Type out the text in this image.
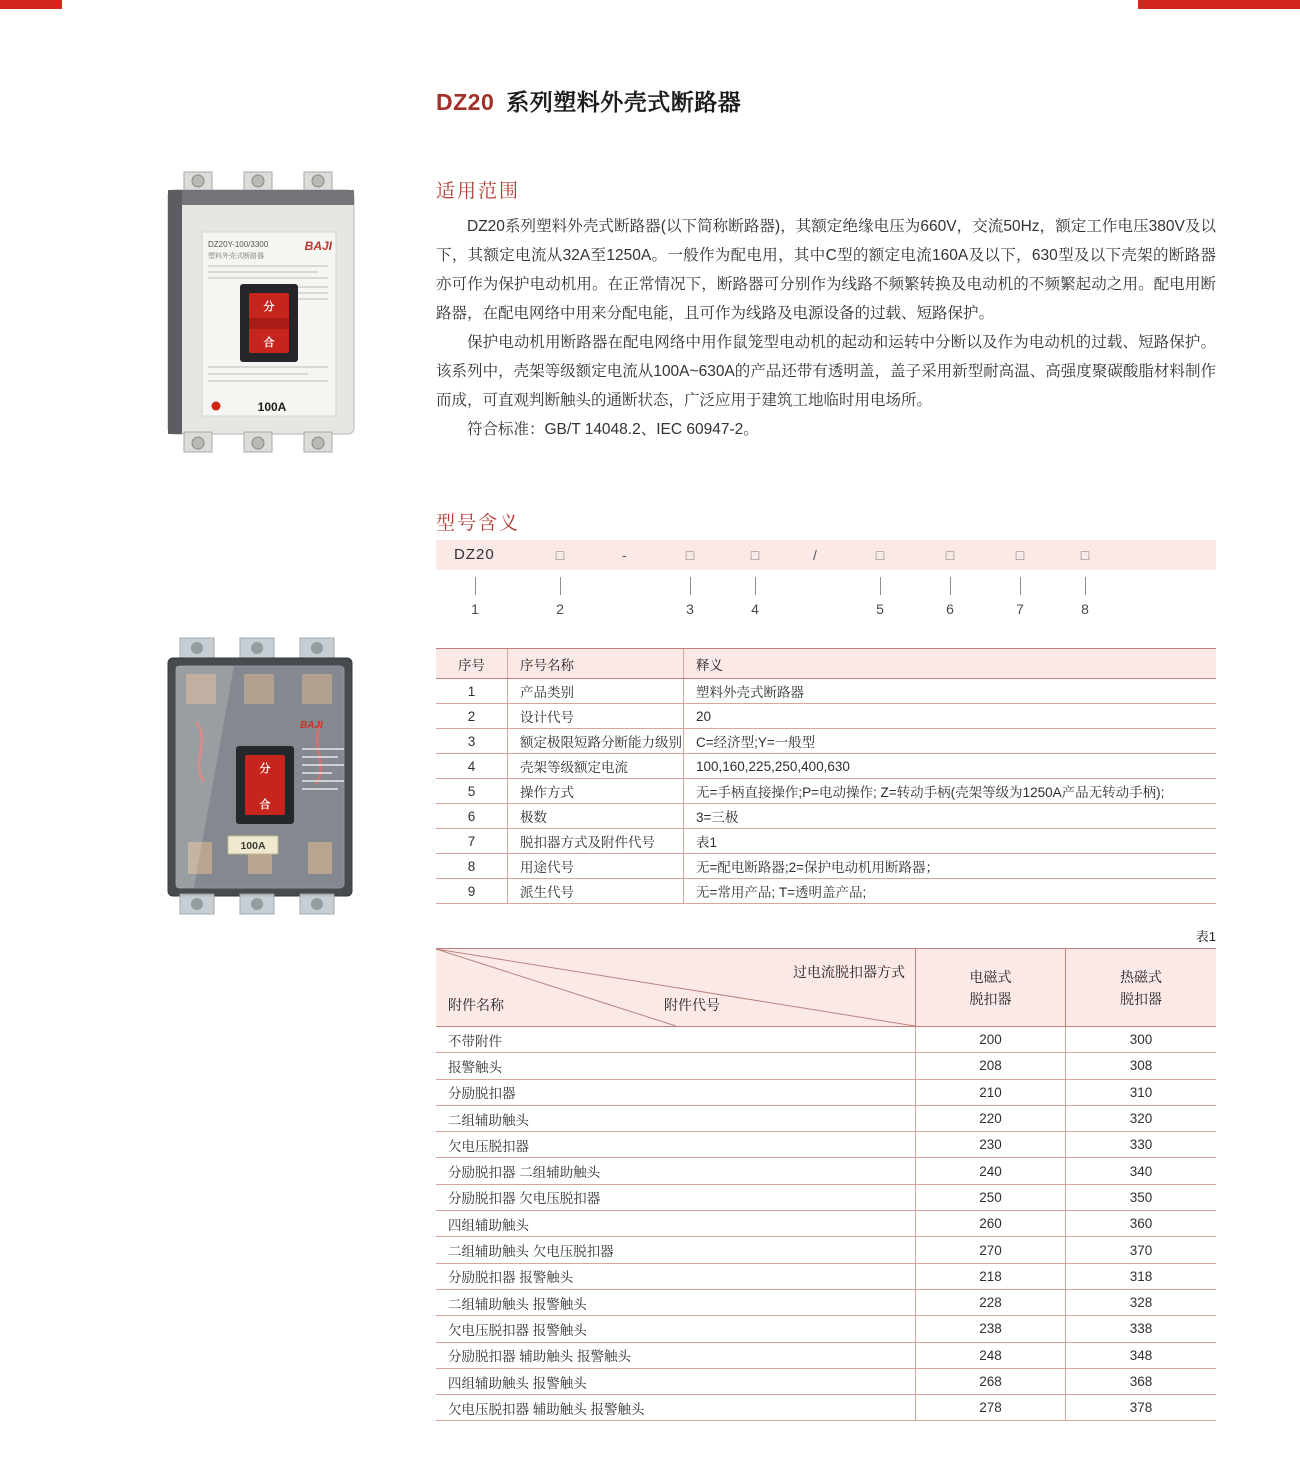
DZ20 系列塑料外壳式断路器
适用范围

DZ20系列塑料外壳式断路器(以下简称断路器)，其额定绝缘电压为660V，交流50Hz，额定工作电压380V及以下，其额定电流从32A至1250A。一般作为配电用，其中C型的额定电流160A及以下，630型及以下壳架的断路器亦可作为保护电动机用。在正常情况下，断路器可分别作为线路不频繁转换及电动机的不频繁起动之用。配电用断路器，在配电网络中用来分配电能，且可作为线路及电源设备的过载、短路保护。

保护电动机用断路器在配电网络中用作鼠笼型电动机的起动和运转中分断以及作为电动机的过载、短路保护。该系列中，壳架等级额定电流从100A~630A的产品还带有透明盖，盖子采用新型耐高温、高强度聚碳酸脂材料制作而成，可直观判断触头的通断状态，广泛应用于建筑工地临时用电场所。

符合标准：GB/T 14048.2、IEC 60947-2。

BAJI
DZ20Y-100/3300
塑料外壳式断路器
分
合
100A
型号含义
DZ20	□	-	□	□	/	□	□	□	□
1	2	3	4	5	6	7	8
BAJI
分
合
100A
序号	序号名称	释义
1	产品类别	塑料外壳式断路器
2	设计代号	20
3	额定极限短路分断能力级别	C=经济型;Y=一般型
4	壳架等级额定电流	100,160,225,250,400,630
5	操作方式	无=手柄直接操作;P=电动操作; Z=转动手柄(壳架等级为1250A产品无转动手柄);
6	极数	3=三极
7	脱扣器方式及附件代号	表1
8	用途代号	无=配电断路器;2=保护电动机用断路器；
9	派生代号	无=常用产品; T=透明盖产品;
表1
过电流脱扣器方式
附件代号
附件名称
电磁式
脱扣器
热磁式
脱扣器
不带附件	200	300
报警触头	208	308
分励脱扣器	210	310
二组辅助触头	220	320
欠电压脱扣器	230	330
分励脱扣器 二组辅助触头	240	340
分励脱扣器 欠电压脱扣器	250	350
四组辅助触头	260	360
二组辅助触头 欠电压脱扣器	270	370
分励脱扣器 报警触头	218	318
二组辅助触头 报警触头	228	328
欠电压脱扣器 报警触头	238	338
分励脱扣器 辅助触头 报警触头	248	348
四组辅助触头 报警触头	268	368
欠电压脱扣器 辅助触头 报警触头	278	378
